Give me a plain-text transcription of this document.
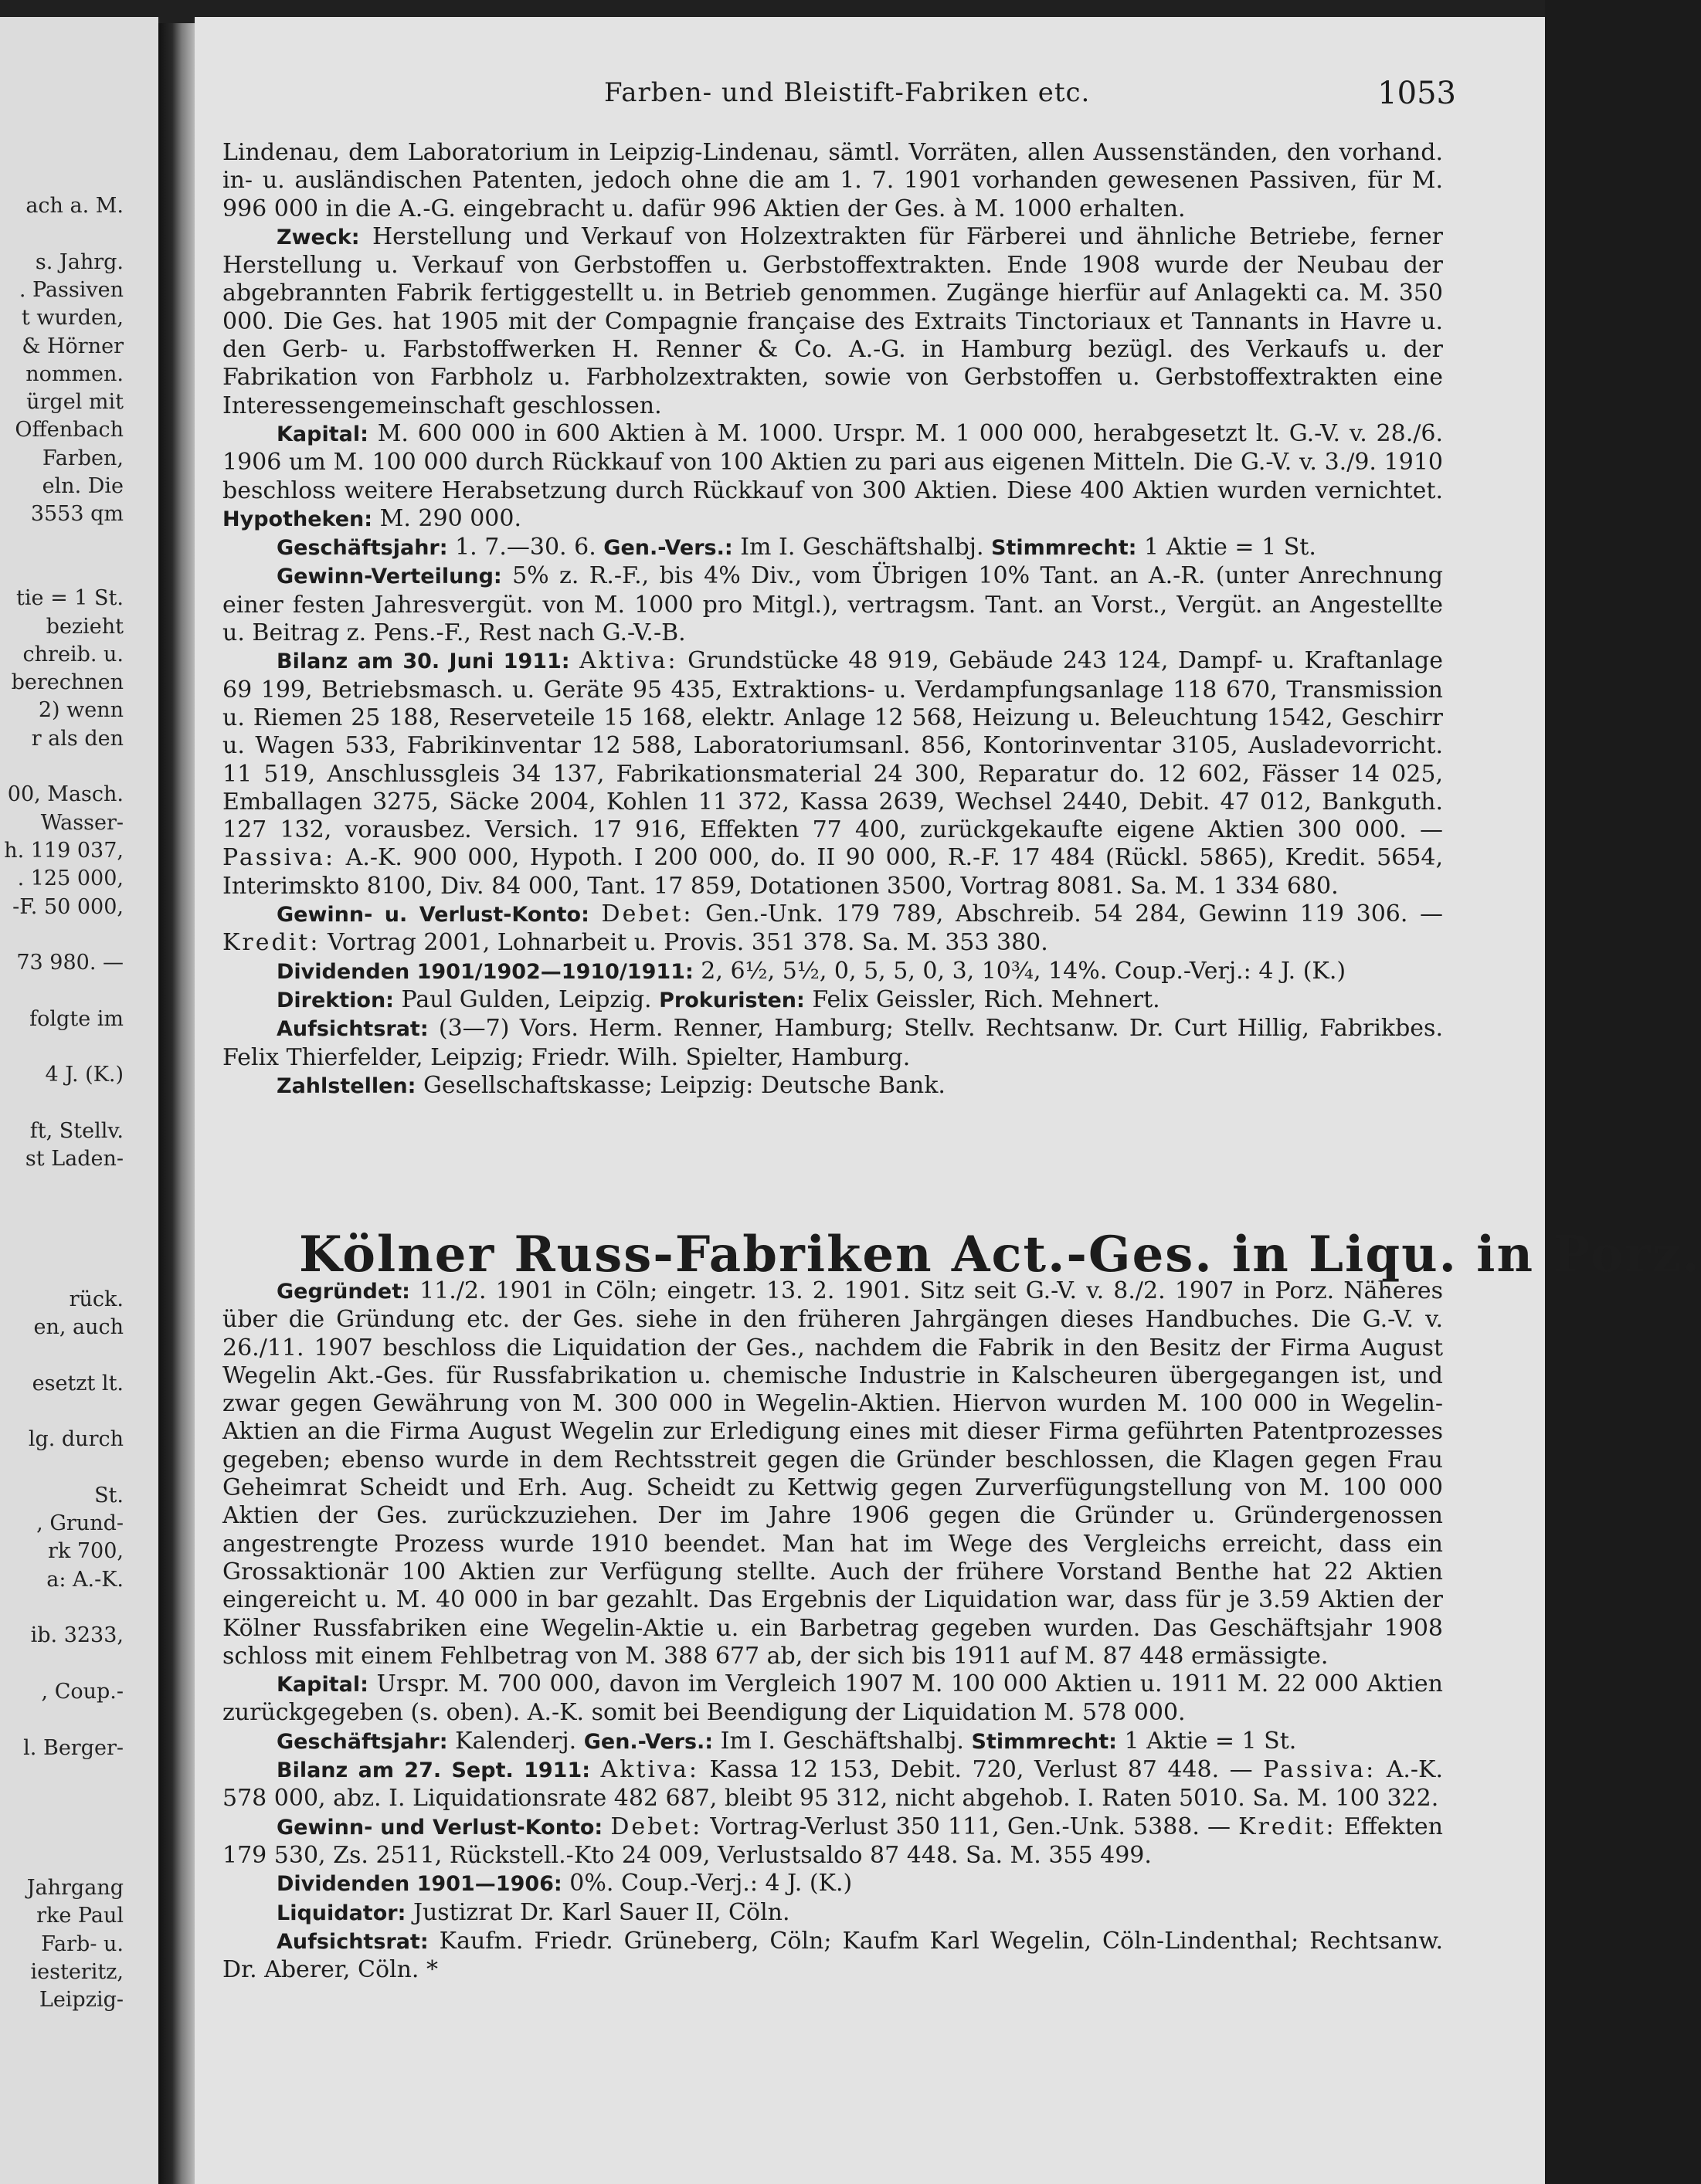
ach a. M.
s. Jahrg.
. Passiven
t wurden,
& Hörner
nommen.
ürgel mit
Offenbach
Farben,
eln. Die
3553 qm
tie = 1 St.
bezieht
chreib. u.
berechnen
2) wenn
r als den
00, Masch.
Wasser-
h. 119 037,
. 125 000,
-F. 50 000,
73 980. —
folgte im
4 J. (K.)
ft, Stellv.
st Laden-
rück.
en, auch
esetzt lt.
lg. durch
St.
, Grund-
rk 700,
a: A.-K.
ib. 3233,
, Coup.-
l. Berger-
Jahrgang
rke Paul
Farb- u.
iesteritz,
Leipzig-
Farben- und Bleistift-Fabriken etc.	1053

Lindenau, dem Laboratorium in Leipzig-Lindenau, sämtl. Vorräten, allen Aussenständen, den vorhand. in- u. ausländischen Patenten, jedoch ohne die am 1. 7. 1901 vorhanden gewesenen Passiven, für M. 996 000 in die A.-G. eingebracht u. dafür 996 Aktien der Ges. à M. 1000 erhalten.

Zweck: Herstellung und Verkauf von Holzextrakten für Färberei und ähnliche Betriebe, ferner Herstellung u. Verkauf von Gerbstoffen u. Gerbstoffextrakten. Ende 1908 wurde der Neubau der abgebrannten Fabrik fertiggestellt u. in Betrieb genommen. Zugänge hierfür auf Anlagekti ca. M. 350 000. Die Ges. hat 1905 mit der Compagnie française des Extraits Tinctoriaux et Tannants in Havre u. den Gerb- u. Farbstoffwerken H. Renner & Co. A.-G. in Hamburg bezügl. des Verkaufs u. der Fabrikation von Farbholz u. Farbholzextrakten, sowie von Gerbstoffen u. Gerbstoffextrakten eine Interessengemeinschaft geschlossen.

Kapital: M. 600 000 in 600 Aktien à M. 1000. Urspr. M. 1 000 000, herabgesetzt lt. G.-V. v. 28./6. 1906 um M. 100 000 durch Rückkauf von 100 Aktien zu pari aus eigenen Mitteln. Die G.-V. v. 3./9. 1910 beschloss weitere Herabsetzung durch Rückkauf von 300 Aktien. Diese 400 Aktien wurden vernichtet. Hypotheken: M. 290 000.

Geschäftsjahr: 1. 7.—30. 6. Gen.-Vers.: Im I. Geschäftshalbj. Stimmrecht: 1 Aktie = 1 St.

Gewinn-Verteilung: 5% z. R.-F., bis 4% Div., vom Übrigen 10% Tant. an A.-R. (unter Anrechnung einer festen Jahresvergüt. von M. 1000 pro Mitgl.), vertragsm. Tant. an Vorst., Vergüt. an Angestellte u. Beitrag z. Pens.-F., Rest nach G.-V.-B.

Bilanz am 30. Juni 1911: Aktiva: Grundstücke 48 919, Gebäude 243 124, Dampf- u. Kraftanlage 69 199, Betriebsmasch. u. Geräte 95 435, Extraktions- u. Verdampfungsanlage 118 670, Transmission u. Riemen 25 188, Reserveteile 15 168, elektr. Anlage 12 568, Heizung u. Beleuchtung 1542, Geschirr u. Wagen 533, Fabrikinventar 12 588, Laboratoriumsanl. 856, Kontorinventar 3105, Ausladevorricht. 11 519, Anschlussgleis 34 137, Fabrikationsmaterial 24 300, Reparatur do. 12 602, Fässer 14 025, Emballagen 3275, Säcke 2004, Kohlen 11 372, Kassa 2639, Wechsel 2440, Debit. 47 012, Bankguth. 127 132, vorausbez. Versich. 17 916, Effekten 77 400, zurückgekaufte eigene Aktien 300 000. — Passiva: A.-K. 900 000, Hypoth. I 200 000, do. II 90 000, R.-F. 17 484 (Rückl. 5865), Kredit. 5654, Interimskto 8100, Div. 84 000, Tant. 17 859, Dotationen 3500, Vortrag 8081. Sa. M. 1 334 680.

Gewinn- u. Verlust-Konto: Debet: Gen.-Unk. 179 789, Abschreib. 54 284, Gewinn 119 306. — Kredit: Vortrag 2001, Lohnarbeit u. Provis. 351 378. Sa. M. 353 380.

Dividenden 1901/1902—1910/1911: 2, 6½, 5½, 0, 5, 5, 0, 3, 10¾, 14%. Coup.-Verj.: 4 J. (K.)

Direktion: Paul Gulden, Leipzig. Prokuristen: Felix Geissler, Rich. Mehnert.

Aufsichtsrat: (3—7) Vors. Herm. Renner, Hamburg; Stellv. Rechtsanw. Dr. Curt Hillig, Fabrikbes. Felix Thierfelder, Leipzig; Friedr. Wilh. Spielter, Hamburg.

Zahlstellen: Gesellschaftskasse; Leipzig: Deutsche Bank.

Kölner Russ-Fabriken Act.-Ges. in Liqu. in Porz.

Gegründet: 11./2. 1901 in Cöln; eingetr. 13. 2. 1901. Sitz seit G.-V. v. 8./2. 1907 in Porz. Näheres über die Gründung etc. der Ges. siehe in den früheren Jahrgängen dieses Handbuches. Die G.-V. v. 26./11. 1907 beschloss die Liquidation der Ges., nachdem die Fabrik in den Besitz der Firma August Wegelin Akt.-Ges. für Russfabrikation u. chemische Industrie in Kalscheuren übergegangen ist, und zwar gegen Gewährung von M. 300 000 in Wegelin-Aktien. Hiervon wurden M. 100 000 in Wegelin-Aktien an die Firma August Wegelin zur Erledigung eines mit dieser Firma geführten Patentprozesses gegeben; ebenso wurde in dem Rechtsstreit gegen die Gründer beschlossen, die Klagen gegen Frau Geheimrat Scheidt und Erh. Aug. Scheidt zu Kettwig gegen Zurverfügungstellung von M. 100 000 Aktien der Ges. zurückzuziehen. Der im Jahre 1906 gegen die Gründer u. Gründergenossen angestrengte Prozess wurde 1910 beendet. Man hat im Wege des Vergleichs erreicht, dass ein Grossaktionär 100 Aktien zur Verfügung stellte. Auch der frühere Vorstand Benthe hat 22 Aktien eingereicht u. M. 40 000 in bar gezahlt. Das Ergebnis der Liquidation war, dass für je 3.59 Aktien der Kölner Russfabriken eine Wegelin-Aktie u. ein Barbetrag gegeben wurden. Das Geschäftsjahr 1908 schloss mit einem Fehlbetrag von M. 388 677 ab, der sich bis 1911 auf M. 87 448 ermässigte.

Kapital: Urspr. M. 700 000, davon im Vergleich 1907 M. 100 000 Aktien u. 1911 M. 22 000 Aktien zurückgegeben (s. oben). A.-K. somit bei Beendigung der Liquidation M. 578 000.

Geschäftsjahr: Kalenderj. Gen.-Vers.: Im I. Geschäftshalbj. Stimmrecht: 1 Aktie = 1 St.

Bilanz am 27. Sept. 1911: Aktiva: Kassa 12 153, Debit. 720, Verlust 87 448. — Passiva: A.-K. 578 000, abz. I. Liquidationsrate 482 687, bleibt 95 312, nicht abgehob. I. Raten 5010. Sa. M. 100 322.

Gewinn- und Verlust-Konto: Debet: Vortrag-Verlust 350 111, Gen.-Unk. 5388. — Kredit: Effekten 179 530, Zs. 2511, Rückstell.-Kto 24 009, Verlustsaldo 87 448. Sa. M. 355 499.

Dividenden 1901—1906: 0%. Coup.-Verj.: 4 J. (K.)

Liquidator: Justizrat Dr. Karl Sauer II, Cöln.

Aufsichtsrat: Kaufm. Friedr. Grüneberg, Cöln; Kaufm Karl Wegelin, Cöln-Lindenthal; Rechtsanw. Dr. Aberer, Cöln. *
